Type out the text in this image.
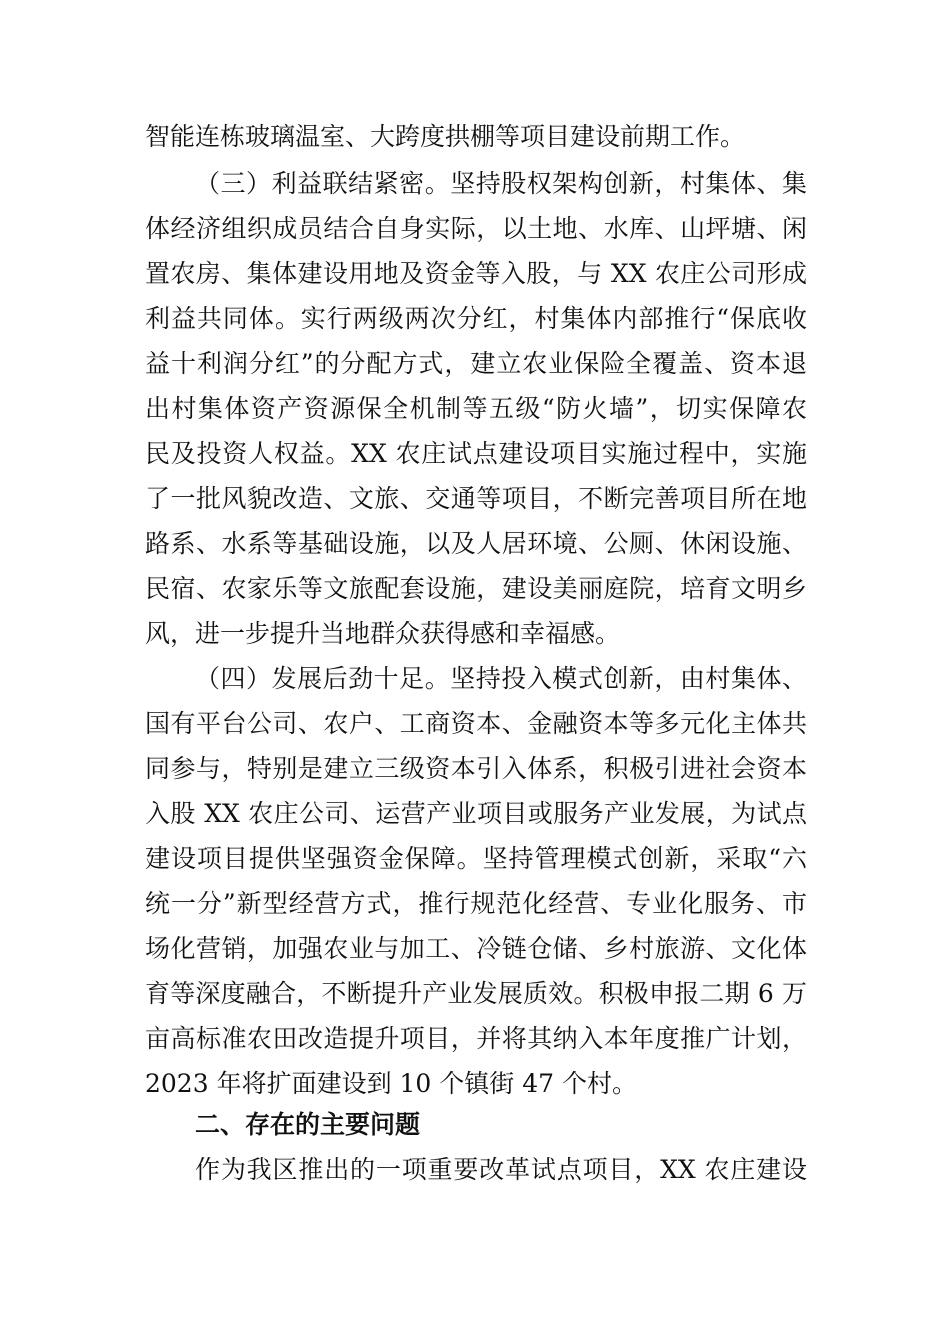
智能连栋玻璃温室、大跨度拱棚等项目建设前期工作。
（三）利益联结紧密。坚持股权架构创新，村集体、集
体经济组织成员结合自身实际，以土地、水库、山坪塘、闲
置农房、集体建设用地及资金等入股，与 XX 农庄公司形成
利益共同体。实行两级两次分红，村集体内部推行“保底收
益十利润分红”的分配方式，建立农业保险全覆盖、资本退
出村集体资产资源保全机制等五级“防火墙”，切实保障农
民及投资人权益。XX 农庄试点建设项目实施过程中，实施
了一批风貌改造、文旅、交通等项目，不断完善项目所在地
路系、水系等基础设施，以及人居环境、公厕、休闲设施、
民宿、农家乐等文旅配套设施，建设美丽庭院，培育文明乡
风，进一步提升当地群众获得感和幸福感。
（四）发展后劲十足。坚持投入模式创新，由村集体、
国有平台公司、农户、工商资本、金融资本等多元化主体共
同参与，特别是建立三级资本引入体系，积极引进社会资本
入股 XX 农庄公司、运营产业项目或服务产业发展，为试点
建设项目提供坚强资金保障。坚持管理模式创新，采取“六
统一分”新型经营方式，推行规范化经营、专业化服务、市
场化营销，加强农业与加工、冷链仓储、乡村旅游、文化体
育等深度融合，不断提升产业发展质效。积极申报二期 6 万
亩高标准农田改造提升项目，并将其纳入本年度推广计划，
2023 年将扩面建设到 10 个镇街 47 个村。
二、存在的主要问题
作为我区推出的一项重要改革试点项目，XX 农庄建设
